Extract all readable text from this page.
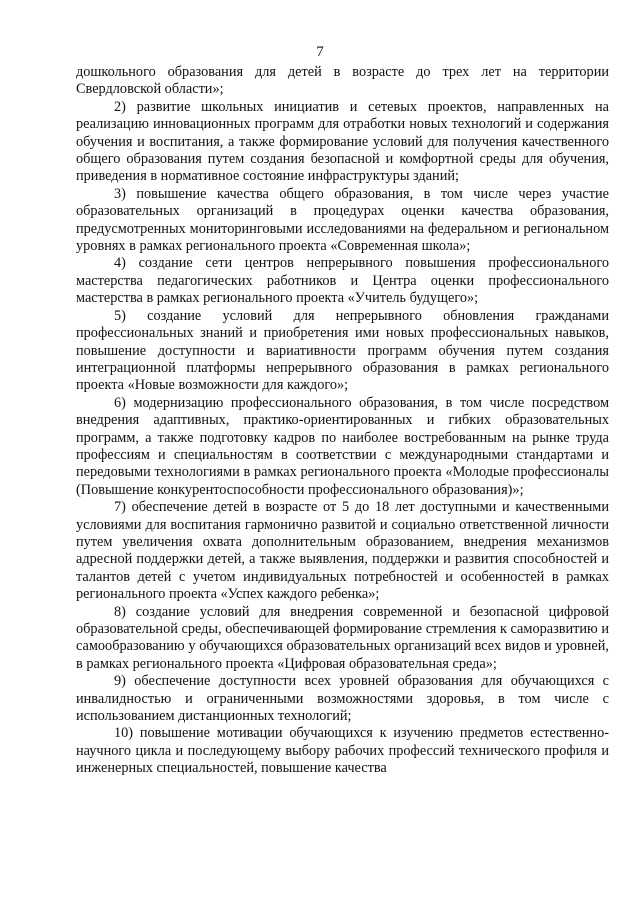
7

дошкольного образования для детей в возрасте до трех лет на территории Свердловской области»;

2) развитие школьных инициатив и сетевых проектов, направленных на реализацию инновационных программ для отработки новых технологий и содержания обучения и воспитания, а также формирование условий для получения качественного общего образования путем создания безопасной и комфортной среды для обучения, приведения в нормативное состояние инфраструктуры зданий;

3) повышение качества общего образования, в том числе через участие образовательных организаций в процедурах оценки качества образования, предусмотренных мониторинговыми исследованиями на федеральном и региональном уровнях в рамках регионального проекта «Современная школа»;

4) создание сети центров непрерывного повышения профессионального мастерства педагогических работников и Центра оценки профессионального мастерства в рамках регионального проекта «Учитель будущего»;

5) создание условий для непрерывного обновления гражданами профессиональных знаний и приобретения ими новых профессиональных навыков, повышение доступности и вариативности программ обучения путем создания интеграционной платформы непрерывного образования в рамках регионального проекта «Новые возможности для каждого»;

6) модернизацию профессионального образования, в том числе посредством внедрения адаптивных, практико-ориентированных и гибких образовательных программ, а также подготовку кадров по наиболее востребованным на рынке труда профессиям и специальностям в соответствии с международными стандартами и передовыми технологиями в рамках регионального проекта «Молодые профессионалы (Повышение конкурентоспособности профессионального образования)»;

7) обеспечение детей в возрасте от 5 до 18 лет доступными и качественными условиями для воспитания гармонично развитой и социально ответственной личности путем увеличения охвата дополнительным образованием, внедрения механизмов адресной поддержки детей, а также выявления, поддержки и развития способностей и талантов детей с учетом индивидуальных потребностей и особенностей в рамках регионального проекта «Успех каждого ребенка»;

8) создание условий для внедрения современной и безопасной цифровой образовательной среды, обеспечивающей формирование стремления к саморазвитию и самообразованию у обучающихся образовательных организаций всех видов и уровней, в рамках регионального проекта «Цифровая образовательная среда»;

9) обеспечение доступности всех уровней образования для обучающихся с инвалидностью и ограниченными возможностями здоровья, в том числе с использованием дистанционных технологий;

10) повышение мотивации обучающихся к изучению предметов естественно-научного цикла и последующему выбору рабочих профессий технического профиля и инженерных специальностей, повышение качества
